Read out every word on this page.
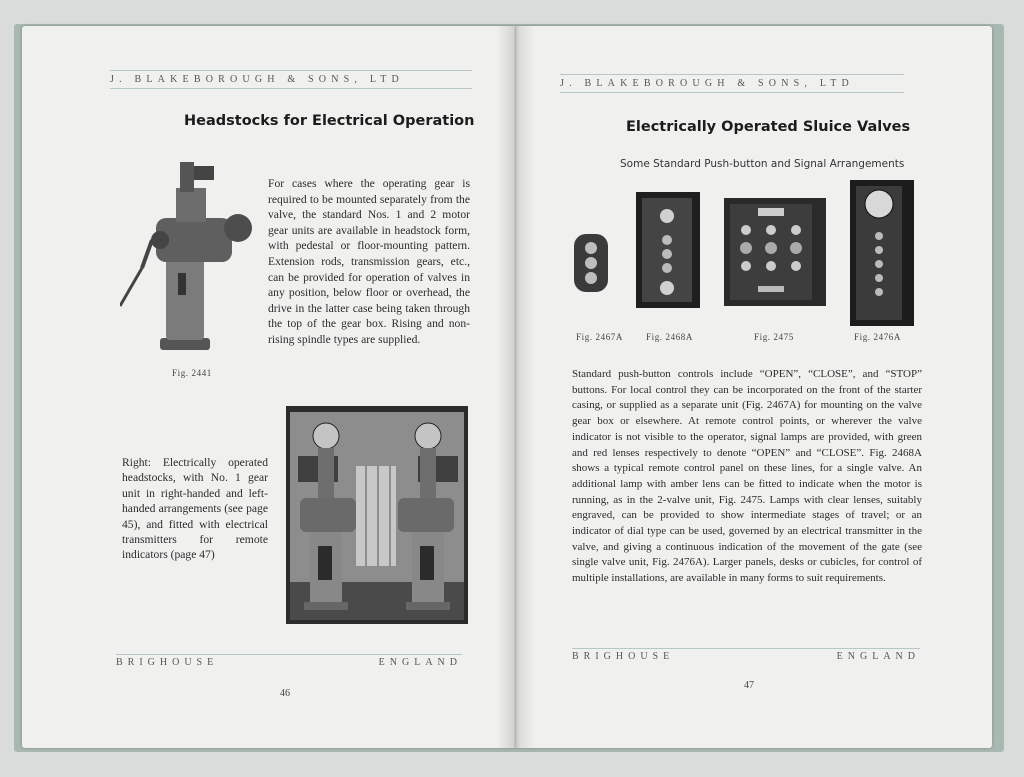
J. BLAKEBOROUGH & SONS, LTD
Headstocks for Electrical Operation
Fig. 2441
For cases where the operating gear is required to be mounted separately from the valve, the standard Nos. 1 and 2 motor gear units are available in headstock form, with pedestal or floor-mounting pattern. Extension rods, transmission gears, etc., can be provided for operation of valves in any position, below floor or overhead, the drive in the latter case being taken through the top of the gear box. Rising and non-rising spindle types are supplied.
Right: Electrically operated headstocks, with No. 1 gear unit in right-handed and left-handed arrangements (see page 45), and fitted with electrical transmitters for remote indicators (page 47)
BRIGHOUSE	ENGLAND
46
J. BLAKEBOROUGH & SONS, LTD
Electrically Operated Sluice Valves
Some Standard Push-button and Signal Arrangements
Fig. 2467A	Fig. 2468A	Fig. 2475	Fig. 2476A
Standard push-button controls include “OPEN”, “CLOSE”, and “STOP” buttons. For local control they can be incorporated on the front of the starter casing, or supplied as a separate unit (Fig. 2467A) for mounting on the valve gear box or elsewhere. At remote control points, or wherever the valve indicator is not visible to the operator, signal lamps are provided, with green and red lenses respectively to denote “OPEN” and “CLOSE”. Fig. 2468A shows a typical remote control panel on these lines, for a single valve. An additional lamp with amber lens can be fitted to indicate when the motor is running, as in the 2-valve unit, Fig. 2475. Lamps with clear lenses, suitably engraved, can be provided to show intermediate stages of travel; or an indicator of dial type can be used, governed by an electrical transmitter in the valve, and giving a continuous indication of the movement of the gate (see single valve unit, Fig. 2476A). Larger panels, desks or cubicles, for control of multiple installations, are available in many forms to suit requirements.
BRIGHOUSE	ENGLAND
47
